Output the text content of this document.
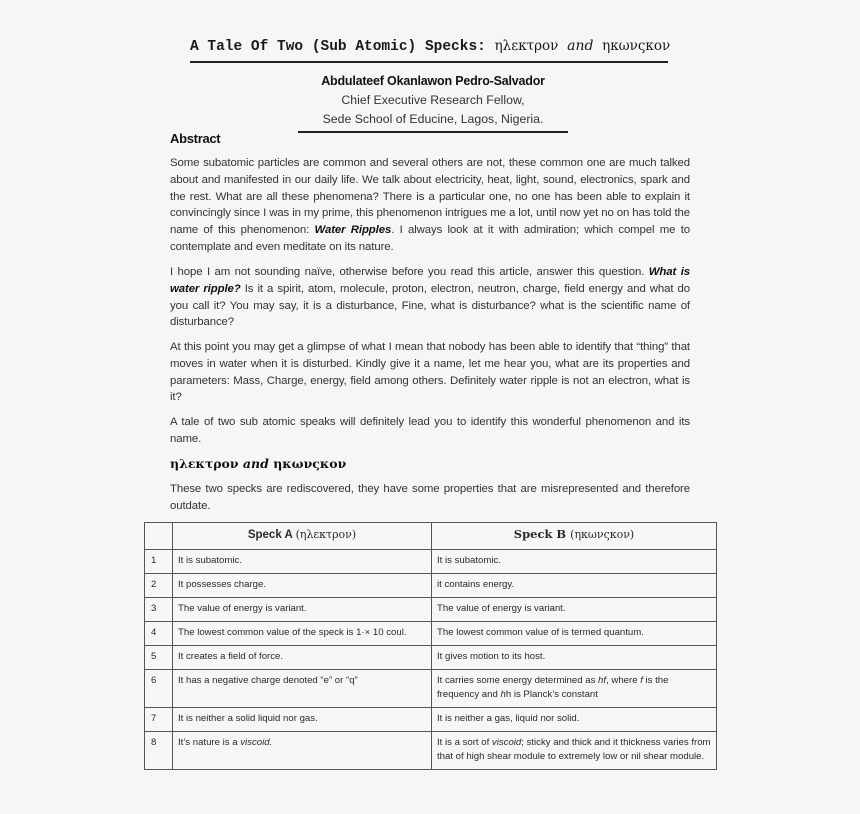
A Tale Of Two (Sub Atomic) Specks: ηλεκτρον and ηκωνςκον
Abdulateef Okanlawon Pedro-Salvador
Chief Executive Research Fellow,
Sede School of Educine, Lagos, Nigeria.
Abstract

Some subatomic particles are common and several others are not, these common one are much talked about and manifested in our daily life. We talk about electricity, heat, light, sound, electronics, spark and the rest. What are all these phenomena? There is a particular one, no one has been able to explain it convincingly since I was in my prime, this phenomenon intrigues me a lot, until now yet no on has told the name of this phenomenon: Water Ripples. I always look at it with admiration; which compel me to contemplate and even meditate on its nature.

I hope I am not sounding naïve, otherwise before you read this article, answer this question. What is water ripple? Is it a spirit, atom, molecule, proton, electron, neutron, charge, field energy and what do you call it? You may say, it is a disturbance, Fine, what is disturbance? what is the scientific name of disturbance?

At this point you may get a glimpse of what I mean that nobody has been able to identify that “thing” that moves in water when it is disturbed. Kindly give it a name, let me hear you, what are its properties and parameters: Mass, Charge, energy, field among others. Definitely water ripple is not an electron, what is it?

A tale of two sub atomic speaks will definitely lead you to identify this wonderful phenomenon and its name.

ηλεκτρον and ηκωνςκον

These two specks are rediscovered, they have some properties that are misrepresented and therefore outdate.

	Speck A (ηλεκτρον)	Speck B (ηκωνςκον)
1	It is subatomic.	It is subatomic.
2	It possesses charge.	it contains energy.
3	The value of energy is variant.	The value of energy is variant.
4	The lowest common value of the speck is 1·× 10 coul.	The lowest common value of is termed quantum.
5	It creates a field of force.	It gives motion to its host.
6	It has a negative charge denoted “e” or “q”	It carries some energy determined as hf, where f is the frequency and hh is Planck’s constant
7	It is neither a solid liquid nor gas.	It is neither a gas, liquid nor solid.
8	It’s nature is a viscoid.	It is a sort of viscoid; sticky and thick and it thickness varies from that of high shear module to extremely low or nil shear module.
